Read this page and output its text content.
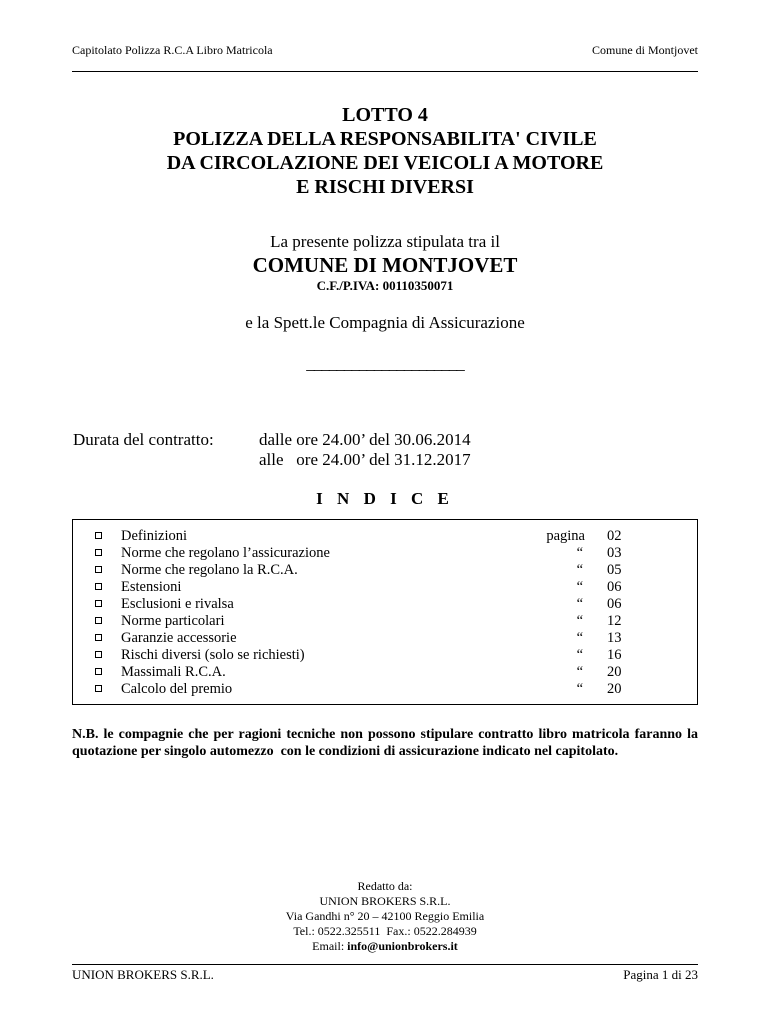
Capitolato Polizza R.C.A Libro Matricola	Comune di Montjovet
LOTTO 4
POLIZZA DELLA RESPONSABILITA' CIVILE
DA CIRCOLAZIONE DEI VEICOLI A MOTORE
E RISCHI DIVERSI
La presente polizza stipulata tra il
COMUNE DI MONTJOVET
C.F./P.IVA: 00110350071
e la Spett.le Compagnia di Assicurazione
_____________________
Durata del contratto:	dalle ore 24.00’ del 30.06.2014
alle   ore 24.00’ del 31.12.2017
I N D I C E
Definizioni	pagina 02
Norme che regolano l’assicurazione	“ 03
Norme che regolano la R.C.A.	“ 05
Estensioni	“ 06
Esclusioni e rivalsa	“ 06
Norme particolari	“ 12
Garanzie accessorie	“ 13
Rischi diversi (solo se richiesti)	“ 16
Massimali R.C.A.	“ 20
Calcolo del premio	“ 20
N.B. le compagnie che per ragioni tecniche non possono stipulare contratto libro matricola faranno la quotazione per singolo automezzo  con le condizioni di assicurazione indicato nel capitolato.
Redatto da:
UNION BROKERS S.R.L.
Via Gandhi n° 20 – 42100 Reggio Emilia
Tel.: 0522.325511  Fax.: 0522.284939
Email: info@unionbrokers.it
UNION BROKERS S.R.L.	Pagina 1 di 23
